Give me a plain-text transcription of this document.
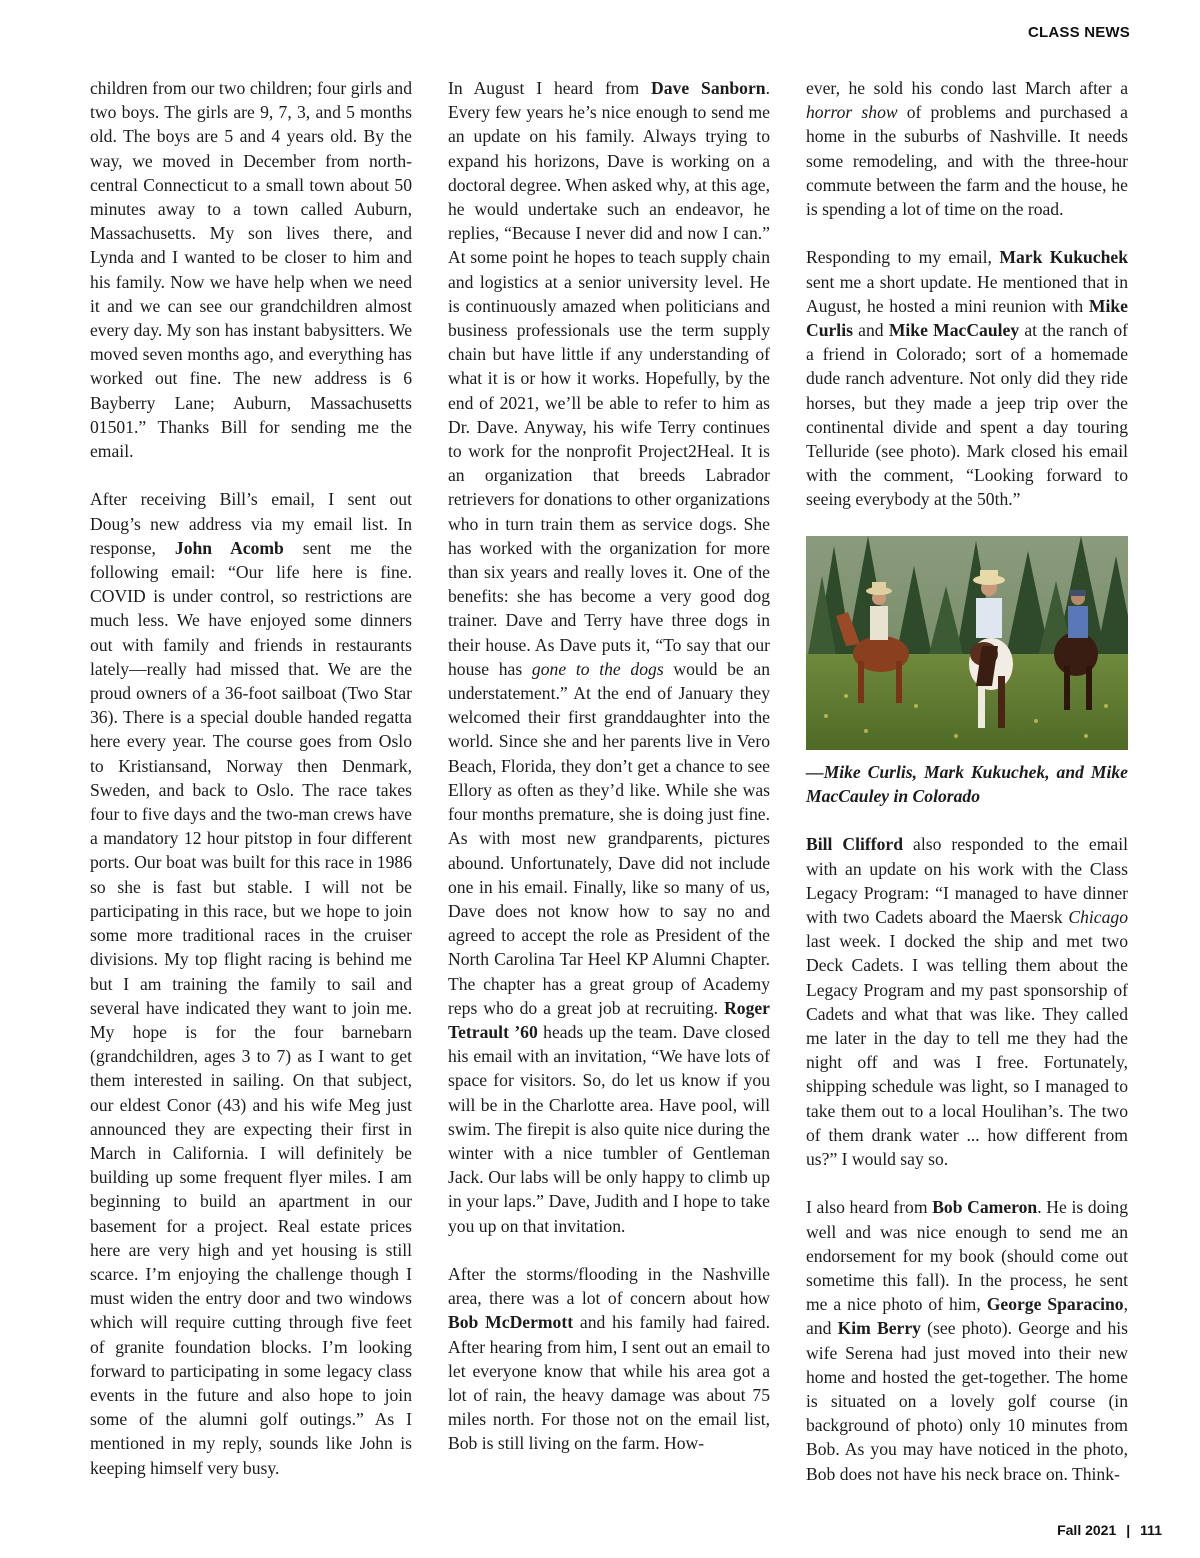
CLASS NEWS

children from our two children; four girls and two boys. The girls are 9, 7, 3, and 5 months old. The boys are 5 and 4 years old. By the way, we moved in December from north-central Connecticut to a small town about 50 minutes away to a town called Auburn, Massachusetts. My son lives there, and Lynda and I wanted to be closer to him and his family. Now we have help when we need it and we can see our grandchildren almost every day. My son has instant babysitters. We moved seven months ago, and everything has worked out fine. The new address is 6 Bayberry Lane; Auburn, Massachusetts 01501.” Thanks Bill for sending me the email.

After receiving Bill’s email, I sent out Doug’s new address via my email list. In response, John Acomb sent me the following email: “Our life here is fine. COVID is under control, so restrictions are much less. We have enjoyed some dinners out with family and friends in restaurants lately—really had missed that. We are the proud owners of a 36-foot sailboat (Two Star 36). There is a special double handed regatta here every year. The course goes from Oslo to Kristiansand, Norway then Denmark, Sweden, and back to Oslo. The race takes four to five days and the two-man crews have a mandatory 12 hour pitstop in four different ports. Our boat was built for this race in 1986 so she is fast but stable. I will not be participating in this race, but we hope to join some more traditional races in the cruiser divisions. My top flight racing is behind me but I am training the family to sail and several have indicated they want to join me. My hope is for the four barnebarn (grandchildren, ages 3 to 7) as I want to get them interested in sailing. On that subject, our eldest Conor (43) and his wife Meg just announced they are expecting their first in March in California. I will definitely be building up some frequent flyer miles. I am beginning to build an apartment in our basement for a project. Real estate prices here are very high and yet housing is still scarce. I’m enjoying the challenge though I must widen the entry door and two windows which will require cutting through five feet of granite foundation blocks. I’m looking forward to participating in some legacy class events in the future and also hope to join some of the alumni golf outings.” As I mentioned in my reply, sounds like John is keeping himself very busy.

In August I heard from Dave Sanborn. Every few years he’s nice enough to send me an update on his family. Always trying to expand his horizons, Dave is working on a doctoral degree. When asked why, at this age, he would undertake such an endeavor, he replies, “Because I never did and now I can.” At some point he hopes to teach supply chain and logistics at a senior university level. He is continuously amazed when politicians and business professionals use the term supply chain but have little if any understanding of what it is or how it works. Hopefully, by the end of 2021, we’ll be able to refer to him as Dr. Dave. Anyway, his wife Terry continues to work for the nonprofit Project2Heal. It is an organization that breeds Labrador retrievers for donations to other organizations who in turn train them as service dogs. She has worked with the organization for more than six years and really loves it. One of the benefits: she has become a very good dog trainer. Dave and Terry have three dogs in their house. As Dave puts it, “To say that our house has gone to the dogs would be an understatement.” At the end of January they welcomed their first granddaughter into the world. Since she and her parents live in Vero Beach, Florida, they don’t get a chance to see Ellory as often as they’d like. While she was four months premature, she is doing just fine. As with most new grandparents, pictures abound. Unfortunately, Dave did not include one in his email. Finally, like so many of us, Dave does not know how to say no and agreed to accept the role as President of the North Carolina Tar Heel KP Alumni Chapter. The chapter has a great group of Academy reps who do a great job at recruiting. Roger Tetrault ’60 heads up the team. Dave closed his email with an invitation, “We have lots of space for visitors. So, do let us know if you will be in the Charlotte area. Have pool, will swim. The firepit is also quite nice during the winter with a nice tumbler of Gentleman Jack. Our labs will be only happy to climb up in your laps.” Dave, Judith and I hope to take you up on that invitation.

After the storms/flooding in the Nashville area, there was a lot of concern about how Bob McDermott and his family had faired. After hearing from him, I sent out an email to let everyone know that while his area got a lot of rain, the heavy damage was about 75 miles north. For those not on the email list, Bob is still living on the farm. How-

ever, he sold his condo last March after a horror show of problems and purchased a home in the suburbs of Nashville. It needs some remodeling, and with the three-hour commute between the farm and the house, he is spending a lot of time on the road.

Responding to my email, Mark Kukuchek sent me a short update. He mentioned that in August, he hosted a mini reunion with Mike Curlis and Mike MacCauley at the ranch of a friend in Colorado; sort of a homemade dude ranch adventure. Not only did they ride horses, but they made a jeep trip over the continental divide and spent a day touring Telluride (see photo). Mark closed his email with the comment, “Looking forward to seeing everybody at the 50th.”

—Mike Curlis, Mark Kukuchek, and Mike MacCauley in Colorado

Bill Clifford also responded to the email with an update on his work with the Class Legacy Program: “I managed to have dinner with two Cadets aboard the Maersk Chicago last week. I docked the ship and met two Deck Cadets. I was telling them about the Legacy Program and my past sponsorship of Cadets and what that was like. They called me later in the day to tell me they had the night off and was I free. Fortunately, shipping schedule was light, so I managed to take them out to a local Houlihan’s. The two of them drank water ... how different from us?” I would say so.

I also heard from Bob Cameron. He is doing well and was nice enough to send me an endorsement for my book (should come out sometime this fall). In the process, he sent me a nice photo of him, George Sparacino, and Kim Berry (see photo). George and his wife Serena had just moved into their new home and hosted the get-together. The home is situated on a lovely golf course (in background of photo) only 10 minutes from Bob. As you may have noticed in the photo, Bob does not have his neck brace on. Think-

Fall 2021 | 111
